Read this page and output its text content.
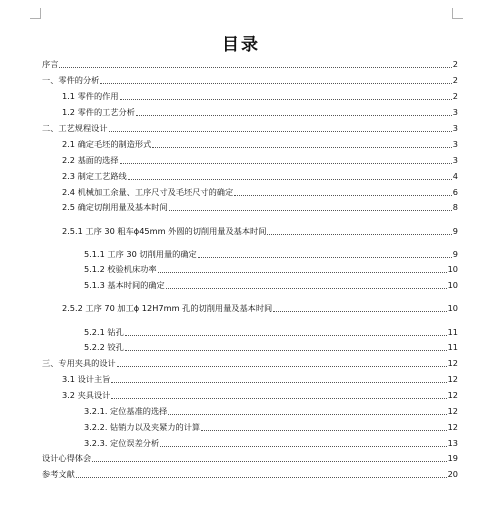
目录
序言	2
一、零件的分析	2
1.1 零件的作用	2
1.2 零件的工艺分析	3
二、工艺规程设计	3
2.1 确定毛坯的制造形式	3
2.2 基面的选择	3
2.3 制定工艺路线	4
2.4 机械加工余量、工序尺寸及毛坯尺寸的确定	6
2.5 确定切削用量及基本时间	8
2.5.1 工序 30 粗车ϕ45mm 外圆的切削用量及基本时间	9
5.1.1 工序 30 切削用量的确定	9
5.1.2 校验机床功率	10
5.1.3 基本时间的确定	10
2.5.2 工序 70 加工ϕ 12H7mm 孔的切削用量及基本时间	10
5.2.1 钻孔	11
5.2.2 铰孔	11
三、专用夹具的设计	12
3.1 设计主旨	12
3.2 夹具设计	12
3.2.1. 定位基准的选择	12
3.2.2. 钻销力以及夹紧力的计算	12
3.2.3. 定位误差分析	13
设计心得体会	19
参考文献	20
